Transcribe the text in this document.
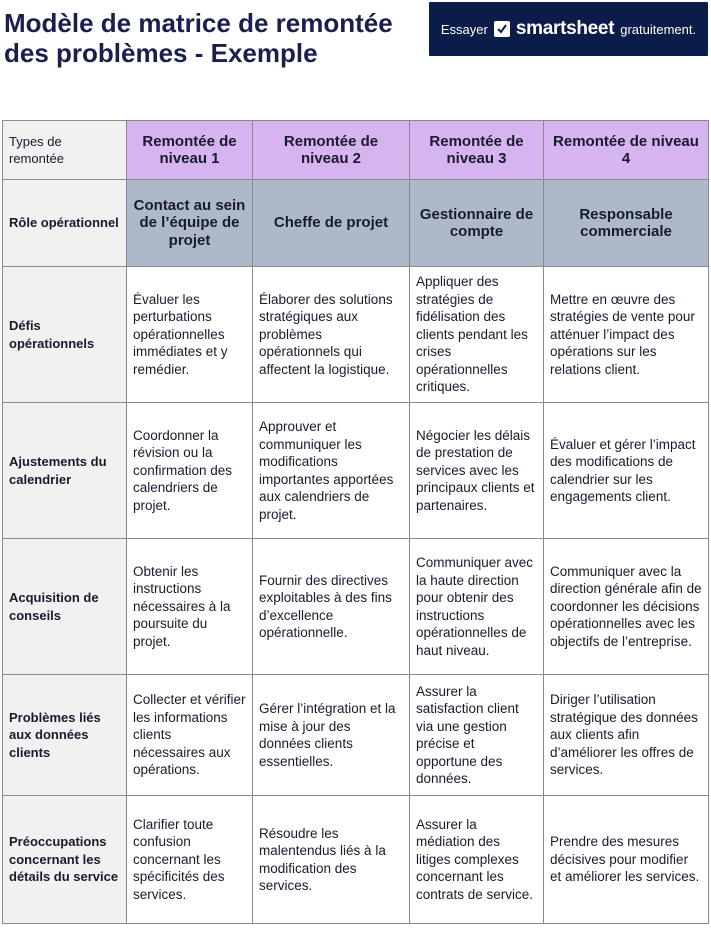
Modèle de matrice de remontée des problèmes - Exemple
Essayer smartsheet gratuitement.
Types de remontée	Remontée de niveau 1	Remontée de niveau 2	Remontée de niveau 3	Remontée de niveau 4
Rôle opérationnel	Contact au sein de l’équipe de projet	Cheffe de projet	Gestionnaire de compte	Responsable commerciale
Défis opérationnels	Évaluer les perturbations opérationnelles immédiates et y remédier.	Élaborer des solutions stratégiques aux problèmes opérationnels qui affectent la logistique.	Appliquer des stratégies de fidélisation des clients pendant les crises opérationnelles critiques.	Mettre en œuvre des stratégies de vente pour atténuer l’impact des opérations sur les relations client.
Ajustements du calendrier	Coordonner la révision ou la confirmation des calendriers de projet.	Approuver et communiquer les modifications importantes apportées aux calendriers de projet.	Négocier les délais de prestation de services avec les principaux clients et partenaires.	Évaluer et gérer l’impact des modifications de calendrier sur les engagements client.
Acquisition de conseils	Obtenir les instructions nécessaires à la poursuite du projet.	Fournir des directives exploitables à des fins d’excellence opérationnelle.	Communiquer avec la haute direction pour obtenir des instructions opérationnelles de haut niveau.	Communiquer avec la direction générale afin de coordonner les décisions opérationnelles avec les objectifs de l’entreprise.
Problèmes liés aux données clients	Collecter et vérifier les informations clients nécessaires aux opérations.	Gérer l’intégration et la mise à jour des données clients essentielles.	Assurer la satisfaction client via une gestion précise et opportune des données.	Diriger l’utilisation stratégique des données aux clients afin d’améliorer les offres de services.
Préoccupations concernant les détails du service	Clarifier toute confusion concernant les spécificités des services.	Résoudre les malentendus liés à la modification des services.	Assurer la médiation des litiges complexes concernant les contrats de service.	Prendre des mesures décisives pour modifier et améliorer les services.
